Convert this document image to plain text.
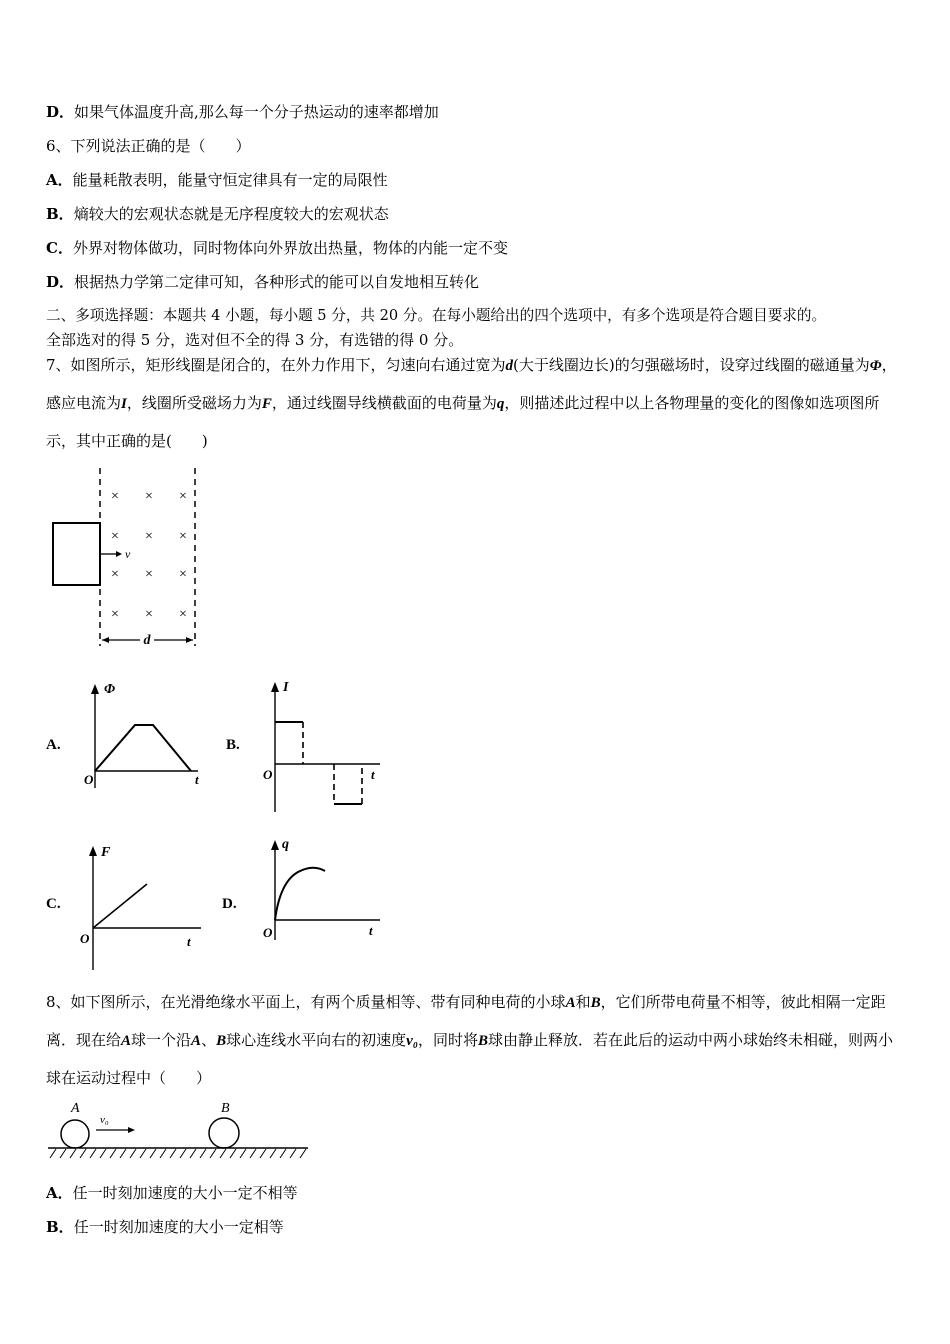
D．如果气体温度升高,那么每一个分子热运动的速率都增加
6、下列说法正确的是（　　）
A．能量耗散表明，能量守恒定律具有一定的局限性
B．熵较大的宏观状态就是无序程度较大的宏观状态
C．外界对物体做功，同时物体向外界放出热量，物体的内能一定不变
D．根据热力学第二定律可知，各种形式的能可以自发地相互转化
二、多项选择题：本题共 4 小题，每小题 5 分，共 20 分。在每小题给出的四个选项中，有多个选项是符合题目要求的。
全部选对的得 5 分，选对但不全的得 3 分，有选错的得 0 分。
7、如图所示，矩形线圈是闭合的，在外力作用下，匀速向右通过宽为d(大于线圈边长)的匀强磁场时，设穿过线圈的磁通量为Φ，感应电流为I，线圈所受磁场力为F，通过线圈导线横截面的电荷量为q，则描述此过程中以上各物理量的变化的图像如选项图所示，其中正确的是(　　)
× × ×
× × ×
× × ×
× × ×
v
d
A.
Φ
t
O
B.
I
t
O
C.
F
t
O
D.
q
t
O
8、如下图所示，在光滑绝缘水平面上，有两个质量相等、带有同种电荷的小球A和B，它们所带电荷量不相等，彼此相隔一定距离．现在给A球一个沿A、B球心连线水平向右的初速度v₀，同时将B球由静止释放．若在此后的运动中两小球始终未相碰，则两小球在运动过程中（　　）
A	B
v₀
A．任一时刻加速度的大小一定不相等
B．任一时刻加速度的大小一定相等
